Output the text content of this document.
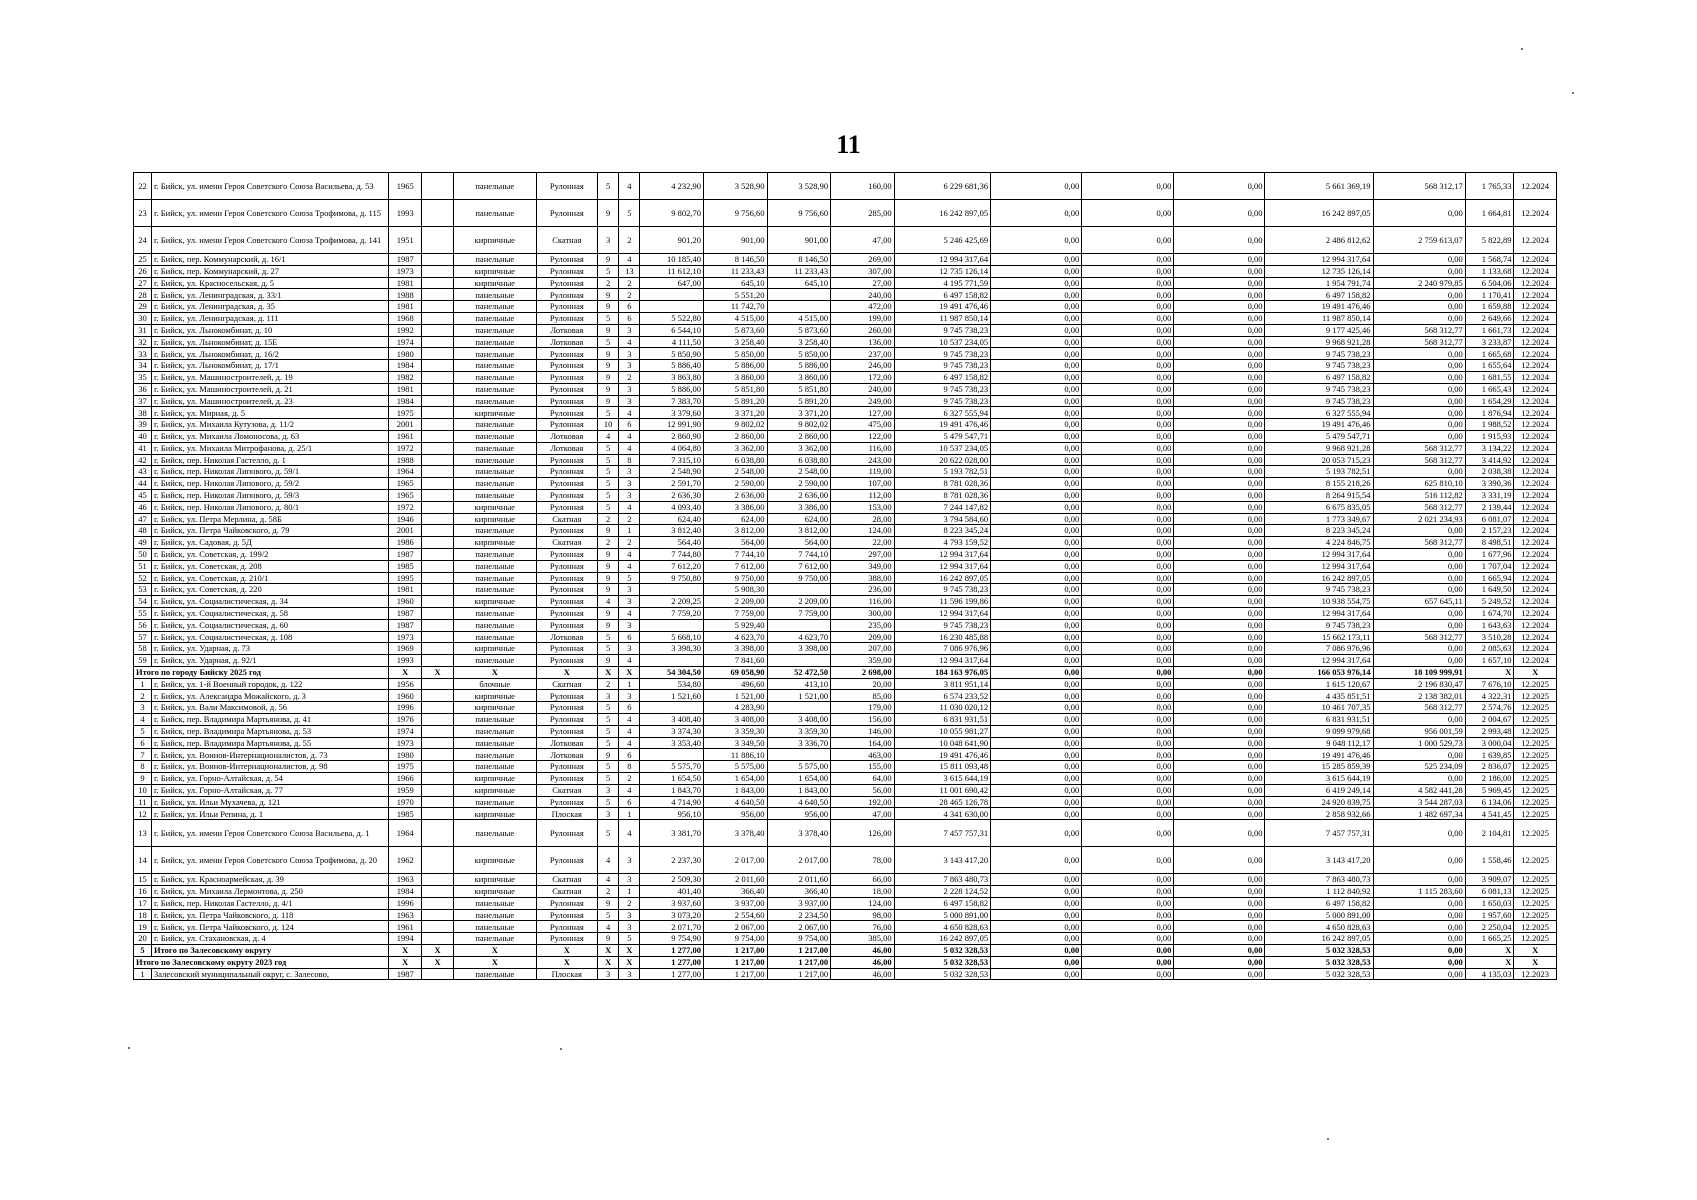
11
22	г. Бийск, ул. имени Героя Советского Союза Васильева, д. 53	1965		панельные	Рулонная	5	4	4 232,90	3 528,90	3 528,90	160,00	6 229 681,36	0,00	0,00	0,00	5 661 369,19	568 312,17	1 765,33	12.2024
23	г. Бийск, ул. имени Героя Советского Союза Трофимова, д. 115	1993		панельные	Рулонная	9	5	9 802,70	9 756,60	9 756,60	285,00	16 242 897,05	0,00	0,00	0,00	16 242 897,05	0,00	1 664,81	12.2024
24	г. Бийск, ул. имени Героя Советского Союза Трофимова, д. 141	1951		кирпичные	Скатная	3	2	901,20	901,00	901,00	47,00	5 246 425,69	0,00	0,00	0,00	2 486 812,62	2 759 613,07	5 822,89	12.2024
25	г. Бийск, пер. Коммунарский, д. 16/1	1987		панельные	Рулонная	9	4	10 185,40	8 146,50	8 146,50	269,00	12 994 317,64	0,00	0,00	0,00	12 994 317,64	0,00	1 568,74	12.2024
26	г. Бийск, пер. Коммунарский, д. 27	1973		кирпичные	Рулонная	5	13	11 612,10	11 233,43	11 233,43	307,00	12 735 126,14	0,00	0,00	0,00	12 735 126,14	0,00	1 133,68	12.2024
27	г. Бийск, ул. Красносельская, д. 5	1981		кирпичные	Рулонная	2	2	647,00	645,10	645,10	27,00	4 195 771,59	0,00	0,00	0,00	1 954 791,74	2 240 979,85	6 504,06	12.2024
28	г. Бийск, ул. Ленинградская, д. 33/1	1988		панельные	Рулонная	9	2		5 551,20		240,00	6 497 158,82	0,00	0,00	0,00	6 497 158,82	0,00	1 170,41	12.2024
29	г. Бийск, ул. Ленинградская, д. 35	1981		панельные	Рулонная	9	6		11 742,70		472,00	19 491 476,46	0,00	0,00	0,00	19 491 476,46	0,00	1 659,88	12.2024
30	г. Бийск, ул. Ленинградская, д. 111	1968		панельные	Рулонная	5	6	5 522,80	4 515,00	4 515,00	199,00	11 987 850,14	0,00	0,00	0,00	11 987 850,14	0,00	2 649,66	12.2024
31	г. Бийск, ул. Льнокомбинат, д. 10	1992		панельные	Лотковая	9	3	6 544,10	5 873,60	5 873,60	260,00	9 745 738,23	0,00	0,00	0,00	9 177 425,46	568 312,77	1 661,73	12.2024
32	г. Бийск, ул. Льнокомбинат, д. 15Е	1974		панельные	Лотковая	5	4	4 111,50	3 258,40	3 258,40	136,00	10 537 234,05	0,00	0,00	0,00	9 968 921,28	568 312,77	3 233,87	12.2024
33	г. Бийск, ул. Льнокомбинат, д. 16/2	1980		панельные	Рулонная	9	3	5 850,90	5 850,00	5 850,00	237,00	9 745 738,23	0,00	0,00	0,00	9 745 738,23	0,00	1 665,68	12.2024
34	г. Бийск, ул. Льнокомбинат, д. 17/1	1984		панельные	Рулонная	9	3	5 886,40	5 886,00	5 886,00	246,00	9 745 738,23	0,00	0,00	0,00	9 745 738,23	0,00	1 655,64	12.2024
35	г. Бийск, ул. Машиностроителей, д. 19	1982		панельные	Рулонная	9	2	3 863,80	3 860,00	3 860,00	172,00	6 497 158,82	0,00	0,00	0,00	6 497 158,82	0,00	1 681,55	12.2024
36	г. Бийск, ул. Машиностроителей, д. 21	1981		панельные	Рулонная	9	3	5 886,00	5 851,80	5 851,80	240,00	9 745 738,23	0,00	0,00	0,00	9 745 738,23	0,00	1 665,43	12.2024
37	г. Бийск, ул. Машиностроителей, д. 23	1984		панельные	Рулонная	9	3	7 383,70	5 891,20	5 891,20	249,00	9 745 738,23	0,00	0,00	0,00	9 745 738,23	0,00	1 654,29	12.2024
38	г. Бийск, ул. Мирная, д. 5	1975		кирпичные	Рулонная	5	4	3 379,60	3 371,20	3 371,20	127,00	6 327 555,94	0,00	0,00	0,00	6 327 555,94	0,00	1 876,94	12.2024
39	г. Бийск, ул. Михаила Кутузова, д. 11/2	2001		панельные	Рулонная	10	6	12 991,90	9 802,02	9 802,02	475,00	19 491 476,46	0,00	0,00	0,00	19 491 476,46	0,00	1 988,52	12.2024
40	г. Бийск, ул. Михаила Ломоносова, д. 63	1961		панельные	Лотковая	4	4	2 860,90	2 860,00	2 860,00	122,00	5 479 547,71	0,00	0,00	0,00	5 479 547,71	0,00	1 915,93	12.2024
41	г. Бийск, ул. Михаила Митрофанова, д. 25/1	1972		панельные	Лотковая	5	4	4 064,80	3 362,00	3 362,00	116,00	10 537 234,05	0,00	0,00	0,00	9 968 921,28	568 312,77	3 134,22	12.2024
42	г. Бийск, пер. Николая Гастелло, д. 1	1988		панельные	Рулонная	5	8	7 315,10	6 038,80	6 038,80	243,00	20 622 028,00	0,00	0,00	0,00	20 053 715,23	568 312,77	3 414,92	12.2024
43	г. Бийск, пер. Николая Липового, д. 59/1	1964		панельные	Рулонная	5	3	2 548,90	2 548,00	2 548,00	119,00	5 193 782,51	0,00	0,00	0,00	5 193 782,51	0,00	2 038,38	12.2024
44	г. Бийск, пер. Николая Липового, д. 59/2	1965		панельные	Рулонная	5	3	2 591,70	2 590,00	2 590,00	107,00	8 781 028,36	0,00	0,00	0,00	8 155 218,26	625 810,10	3 390,36	12.2024
45	г. Бийск, пер. Николая Липового, д. 59/3	1965		панельные	Рулонная	5	3	2 636,30	2 636,00	2 636,00	112,00	8 781 028,36	0,00	0,00	0,00	8 264 915,54	516 112,82	3 331,19	12.2024
46	г. Бийск, пер. Николая Липового, д. 80/1	1972		кирпичные	Рулонная	5	4	4 093,40	3 386,00	3 386,00	153,00	7 244 147,82	0,00	0,00	0,00	6 675 835,05	568 312,77	2 139,44	12.2024
47	г. Бийск, ул. Петра Мерлина, д. 58Б	1946		кирпичные	Скатная	2	2	624,40	624,00	624,00	28,00	3 794 584,60	0,00	0,00	0,00	1 773 349,67	2 021 234,93	6 081,07	12.2024
48	г. Бийск, ул. Петра Чайковского, д. 79	2001		панельные	Рулонная	9	1	3 812,40	3 812,00	3 812,00	124,00	8 223 345,24	0,00	0,00	0,00	8 223 345,24	0,00	2 157,23	12.2024
49	г. Бийск, ул. Садовая, д. 5Д	1986		кирпичные	Скатная	2	2	564,40	564,00	564,00	22,00	4 793 159,52	0,00	0,00	0,00	4 224 846,75	568 312,77	8 498,51	12.2024
50	г. Бийск, ул. Советская, д. 199/2	1987		панельные	Рулонная	9	4	7 744,80	7 744,10	7 744,10	297,00	12 994 317,64	0,00	0,00	0,00	12 994 317,64	0,00	1 677,96	12.2024
51	г. Бийск, ул. Советская, д. 208	1985		панельные	Рулонная	9	4	7 612,20	7 612,00	7 612,00	349,00	12 994 317,64	0,00	0,00	0,00	12 994 317,64	0,00	1 707,04	12.2024
52	г. Бийск, ул. Советская, д. 210/1	1995		панельные	Рулонная	9	5	9 750,80	9 750,00	9 750,00	388,00	16 242 897,05	0,00	0,00	0,00	16 242 897,05	0,00	1 665,94	12.2024
53	г. Бийск, ул. Советская, д. 220	1981		панельные	Рулонная	9	3		5 908,30		236,00	9 745 738,23	0,00	0,00	0,00	9 745 738,23	0,00	1 649,50	12.2024
54	г. Бийск, ул. Социалистическая, д. 34	1960		кирпичные	Рулонная	4	3	2 209,25	2 209,00	2 209,00	116,00	11 596 199,86	0,00	0,00	0,00	10 938 554,75	657 645,11	5 249,52	12.2024
55	г. Бийск, ул. Социалистическая, д. 58	1987		панельные	Рулонная	9	4	7 759,20	7 759,00	7 759,00	300,00	12 994 317,64	0,00	0,00	0,00	12 994 317,64	0,00	1 674,70	12.2024
56	г. Бийск, ул. Социалистическая, д. 60	1987		панельные	Рулонная	9	3		5 929,40		235,00	9 745 738,23	0,00	0,00	0,00	9 745 738,23	0,00	1 643,63	12.2024
57	г. Бийск, ул. Социалистическая, д. 108	1973		панельные	Лотковая	5	6	5 668,10	4 623,70	4 623,70	209,00	16 230 485,88	0,00	0,00	0,00	15 662 173,11	568 312,77	3 510,28	12.2024
58	г. Бийск, ул. Ударная, д. 73	1969		кирпичные	Рулонная	5	3	3 398,30	3 398,00	3 398,00	207,00	7 086 976,96	0,00	0,00	0,00	7 086 976,96	0,00	2 085,63	12.2024
59	г. Бийск, ул. Ударная, д. 92/1	1993		панельные	Рулонная	9	4		7 841,60		359,00	12 994 317,64	0,00	0,00	0,00	12 994 317,64	0,00	1 657,10	12.2024
Итого по городу Бийску 2025 год		X	X	X	X	X	X	54 304,50	69 058,90	52 472,50	2 698,00	184 163 976,05	0,00	0,00	0,00	166 053 976,14	18 109 999,91	X	X
1	г. Бийск, ул. 1-й Военный городок, д. 122	1956		блочные	Скатная	2	1	534,80	496,60	413,10	20,00	3 811 951,14	0,00	0,00	0,00	1 615 120,67	2 196 830,47	7 676,10	12.2025
2	г. Бийск, ул. Александра Можайского, д. 3	1960		кирпичные	Рулонная	3	3	1 521,60	1 521,00	1 521,00	85,00	6 574 233,52	0,00	0,00	0,00	4 435 851,51	2 138 382,01	4 322,31	12.2025
3	г. Бийск, ул. Вали Максимовой, д. 56	1996		кирпичные	Рулонная	5	6		4 283,90		179,00	11 030 020,12	0,00	0,00	0,00	10 461 707,35	568 312,77	2 574,76	12.2025
4	г. Бийск, пер. Владимира Мартьянова, д. 41	1976		панельные	Рулонная	5	4	3 408,40	3 408,00	3 408,00	156,00	6 831 931,51	0,00	0,00	0,00	6 831 931,51	0,00	2 004,67	12.2025
5	г. Бийск, пер. Владимира Мартьянова, д. 53	1974		панельные	Рулонная	5	4	3 374,30	3 359,30	3 359,30	146,00	10 055 981,27	0,00	0,00	0,00	9 099 979,68	956 001,59	2 993,48	12.2025
6	г. Бийск, пер. Владимира Мартьянова, д. 55	1973		панельные	Лотковая	5	4	3 353,40	3 349,50	3 336,70	164,00	10 048 641,90	0,00	0,00	0,00	9 048 112,17	1 000 529,73	3 000,04	12.2025
7	г. Бийск, ул. Воинов-Интернационалистов, д. 73	1980		панельные	Лотковая	9	6		11 886,10		463,00	19 491 476,46	0,00	0,00	0,00	19 491 476,46	0,00	1 639,85	12.2025
8	г. Бийск, ул. Воинов-Интернационалистов, д. 98	1975		панельные	Рулонная	5	8	5 575,70	5 575,00	5 575,00	155,00	15 811 093,48	0,00	0,00	0,00	15 285 859,39	525 234,09	2 836,07	12.2025
9	г. Бийск, ул. Горно-Алтайская, д. 54	1966		кирпичные	Рулонная	5	2	1 654,50	1 654,00	1 654,00	64,00	3 615 644,19	0,00	0,00	0,00	3 615 644,19	0,00	2 186,00	12.2025
10	г. Бийск, ул. Горно-Алтайская, д. 77	1959		кирпичные	Скатная	3	4	1 843,70	1 843,00	1 843,00	56,00	11 001 690,42	0,00	0,00	0,00	6 419 249,14	4 582 441,28	5 969,45	12.2025
11	г. Бийск, ул. Ильи Мухачева, д. 121	1970		панельные	Рулонная	5	6	4 714,90	4 640,50	4 640,50	192,00	28 465 126,78	0,00	0,00	0,00	24 920 839,75	3 544 287,03	6 134,06	12.2025
12	г. Бийск, ул. Ильи Репина, д. 1	1985		кирпичные	Плоская	3	1	956,10	956,00	956,00	47,00	4 341 630,00	0,00	0,00	0,00	2 858 932,66	1 482 697,34	4 541,45	12.2025
13	г. Бийск, ул. имени Героя Советского Союза Васильева, д. 1	1964		панельные	Рулонная	5	4	3 381,70	3 378,40	3 378,40	126,00	7 457 757,31	0,00	0,00	0,00	7 457 757,31	0,00	2 104,81	12.2025
14	г. Бийск, ул. имени Героя Советского Союза Трофимова, д. 20	1962		кирпичные	Рулонная	4	3	2 237,30	2 017,00	2 017,00	78,00	3 143 417,20	0,00	0,00	0,00	3 143 417,20	0,00	1 558,46	12.2025
15	г. Бийск, ул. Красноармейская, д. 39	1963		кирпичные	Скатная	4	3	2 509,30	2 011,60	2 011,60	66,00	7 863 480,73	0,00	0,00	0,00	7 863 480,73	0,00	3 909,07	12.2025
16	г. Бийск, ул. Михаила Лермонтова, д. 250	1984		кирпичные	Скатная	2	1	401,40	366,40	366,40	18,00	2 228 124,52	0,00	0,00	0,00	1 112 840,92	1 115 283,60	6 081,13	12.2025
17	г. Бийск, пер. Николая Гастелло, д. 4/1	1996		панельные	Рулонная	9	2	3 937,60	3 937,00	3 937,00	124,00	6 497 158,82	0,00	0,00	0,00	6 497 158,82	0,00	1 650,03	12.2025
18	г. Бийск, ул. Петра Чайковского, д. 118	1963		панельные	Рулонная	5	3	3 073,20	2 554,60	2 234,50	98,00	5 000 891,00	0,00	0,00	0,00	5 000 891,00	0,00	1 957,60	12.2025
19	г. Бийск, ул. Петра Чайковского, д. 124	1961		панельные	Рулонная	4	3	2 071,70	2 067,00	2 067,00	76,00	4 650 828,63	0,00	0,00	0,00	4 650 828,63	0,00	2 250,04	12.2025
20	г. Бийск, ул. Стахановская, д. 4	1994		панельные	Рулонная	9	5	9 754,90	9 754,00	9 754,00	385,00	16 242 897,05	0,00	0,00	0,00	16 242 897,05	0,00	1 665,25	12.2025
5	Итого по Залесовскому округу	X	X	X	X	X	X	1 277,00	1 217,00	1 217,00	46,00	5 032 328,53	0,00	0,00	0,00	5 032 328,53	0,00	X	X
Итого по Залесовскому округу 2023 год		X	X	X	X	X	X	1 277,00	1 217,00	1 217,00	46,00	5 032 328,53	0,00	0,00	0,00	5 032 328,53	0,00	X	X
1	Залесовский муниципальный округ, с. Залесово,	1987		панельные	Плоская	3	3	1 277,00	1 217,00	1 217,00	46,00	5 032 328,53	0,00	0,00	0,00	5 032 328,53	0,00	4 135,03	12.2023
